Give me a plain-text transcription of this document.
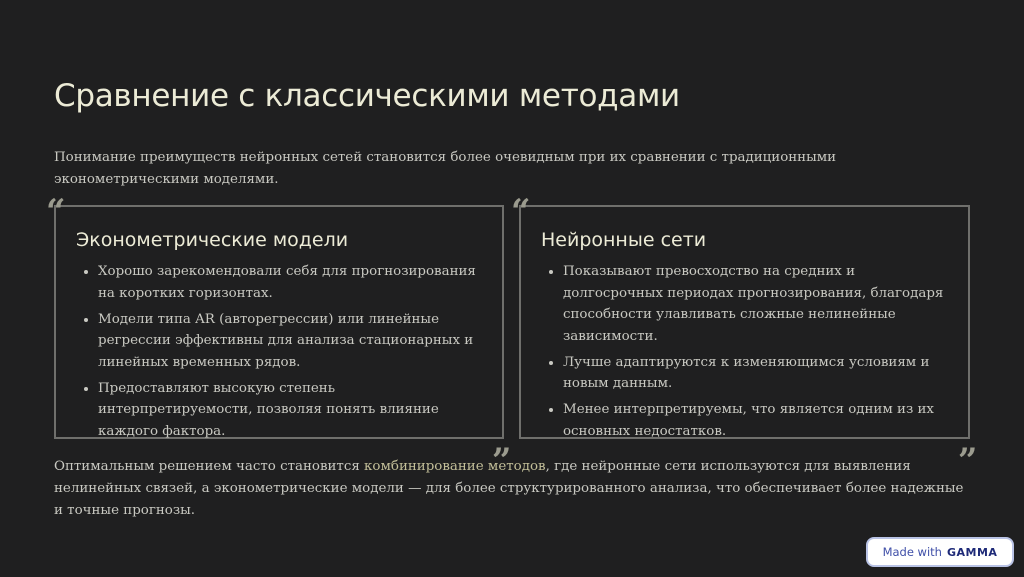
Сравнение с классическими методами

Понимание преимуществ нейронных сетей становится более очевидным при их сравнении с традиционными эконометрическими моделями.

“
Эконометрические модели
• Хорошо зарекомендовали себя для прогнозирования на коротких горизонтах.
• Модели типа AR (авторегрессии) или линейные регрессии эффективны для анализа стационарных и линейных временных рядов.
• Предоставляют высокую степень интерпретируемости, позволяя понять влияние каждого фактора.	„
“
Нейронные сети
• Показывают превосходство на средних и долгосрочных периодах прогнозирования, благодаря способности улавливать сложные нелинейные зависимости.
• Лучше адаптируются к изменяющимся условиям и новым данным.
• Менее интерпретируемы, что является одним из их основных недостатков.	„

Оптимальным решением часто становится комбинирование методов, где нейронные сети используются для выявления нелинейных связей, а эконометрические модели — для более структурированного анализа, что обеспечивает более надежные и точные прогнозы.

Made with GAMMA
